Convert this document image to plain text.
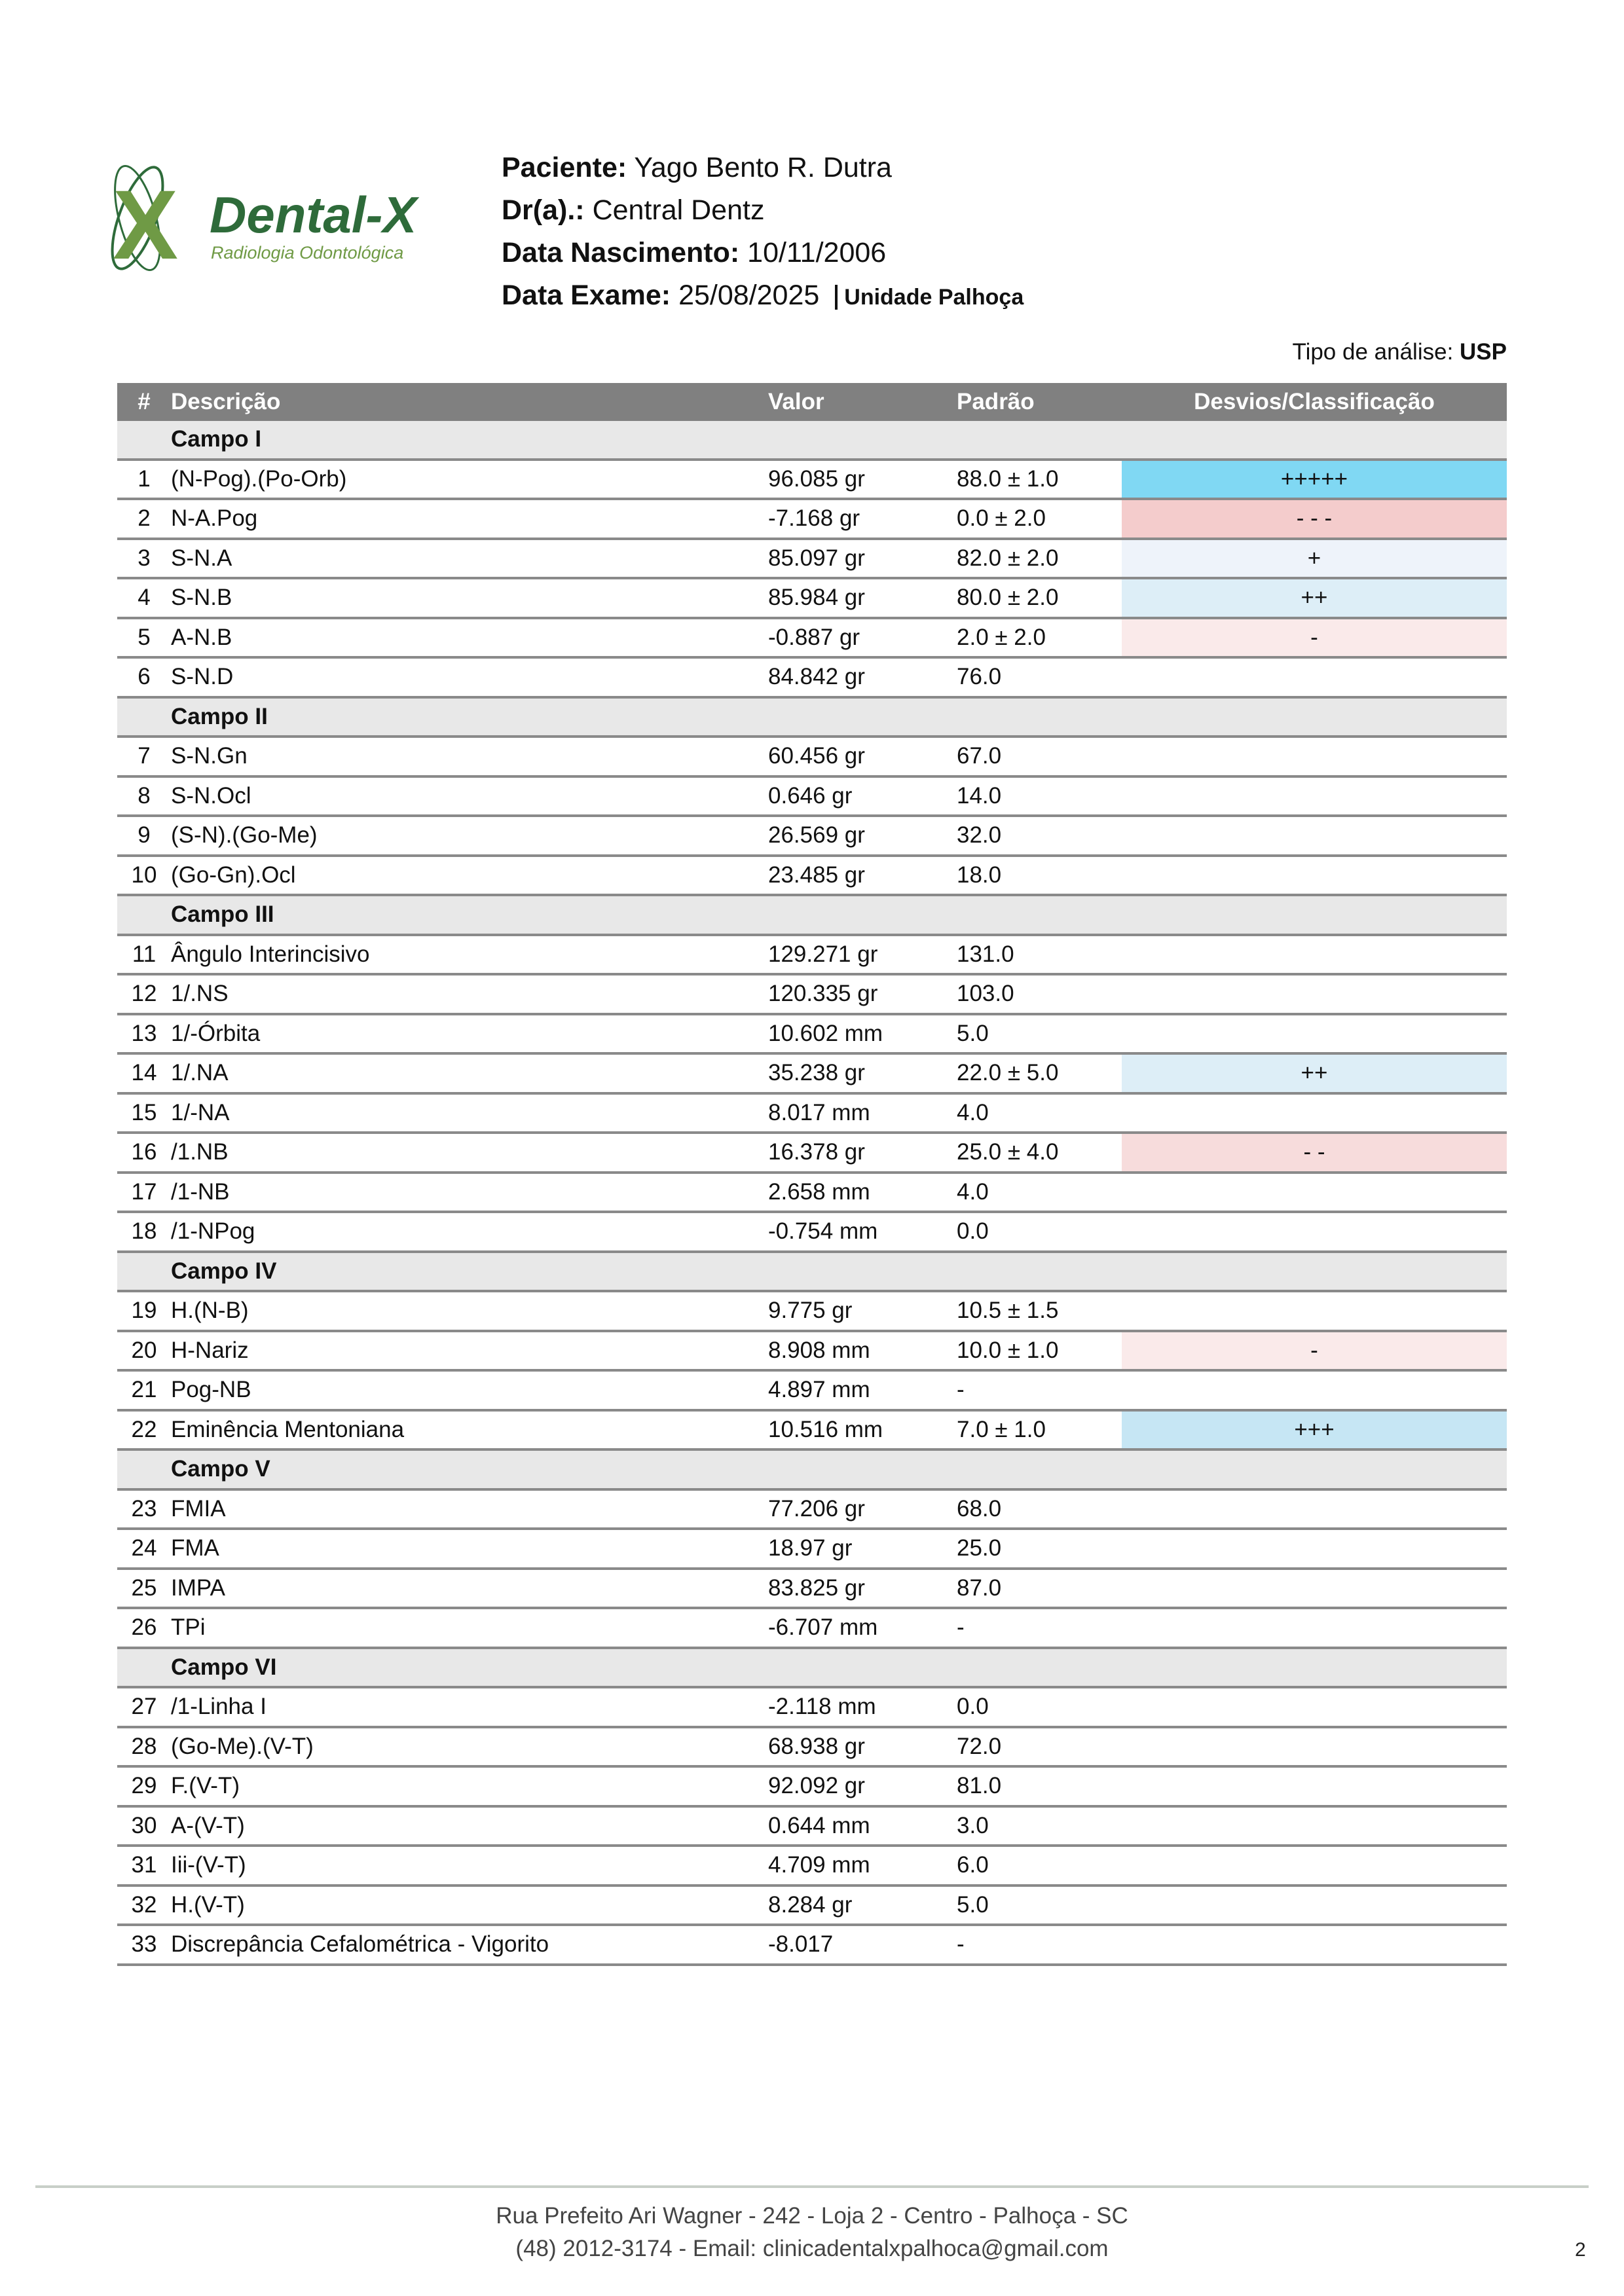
X Dental-X
Radiologia Odontológica
Paciente: Yago Bento R. Dutra
Dr(a).: Central Dentz
Data Nascimento: 10/11/2006
Data Exame: 25/08/2025 Unidade Palhoça
Tipo de análise: USP
# Descrição	Valor	Padrão	Desvios/Classificação
Campo I
1 (N-Pog).(Po-Orb)	96.085 gr	88.0 ± 1.0	+++++
2 N-A.Pog	-7.168 gr	0.0 ± 2.0	- - -
3 S-N.A	85.097 gr	82.0 ± 2.0	+
4 S-N.B	85.984 gr	80.0 ± 2.0	++
5 A-N.B	-0.887 gr	2.0 ± 2.0	-
6 S-N.D	84.842 gr	76.0
Campo II
7 S-N.Gn	60.456 gr	67.0
8 S-N.Ocl	0.646 gr	14.0
9 (S-N).(Go-Me)	26.569 gr	32.0
10 (Go-Gn).Ocl	23.485 gr	18.0
Campo III
11 Ângulo Interincisivo	129.271 gr	131.0
12 1/.NS	120.335 gr	103.0
13 1/-Órbita	10.602 mm	5.0
14 1/.NA	35.238 gr	22.0 ± 5.0	++
15 1/-NA	8.017 mm	4.0
16 /1.NB	16.378 gr	25.0 ± 4.0	- -
17 /1-NB	2.658 mm	4.0
18 /1-NPog	-0.754 mm	0.0
Campo IV
19 H.(N-B)	9.775 gr	10.5 ± 1.5
20 H-Nariz	8.908 mm	10.0 ± 1.0	-
21 Pog-NB	4.897 mm	-
22 Eminência Mentoniana	10.516 mm	7.0 ± 1.0	+++
Campo V
23 FMIA	77.206 gr	68.0
24 FMA	18.97 gr	25.0
25 IMPA	83.825 gr	87.0
26 TPi	-6.707 mm	-
Campo VI
27 /1-Linha I	-2.118 mm	0.0
28 (Go-Me).(V-T)	68.938 gr	72.0
29 F.(V-T)	92.092 gr	81.0
30 A-(V-T)	0.644 mm	3.0
31 Iii-(V-T)	4.709 mm	6.0
32 H.(V-T)	8.284 gr	5.0
33 Discrepância Cefalométrica - Vigorito	-8.017	-
Rua Prefeito Ari Wagner - 242 - Loja 2 - Centro - Palhoça - SC
(48) 2012-3174 - Email: clinicadentalxpalhoca@gmail.com	2
